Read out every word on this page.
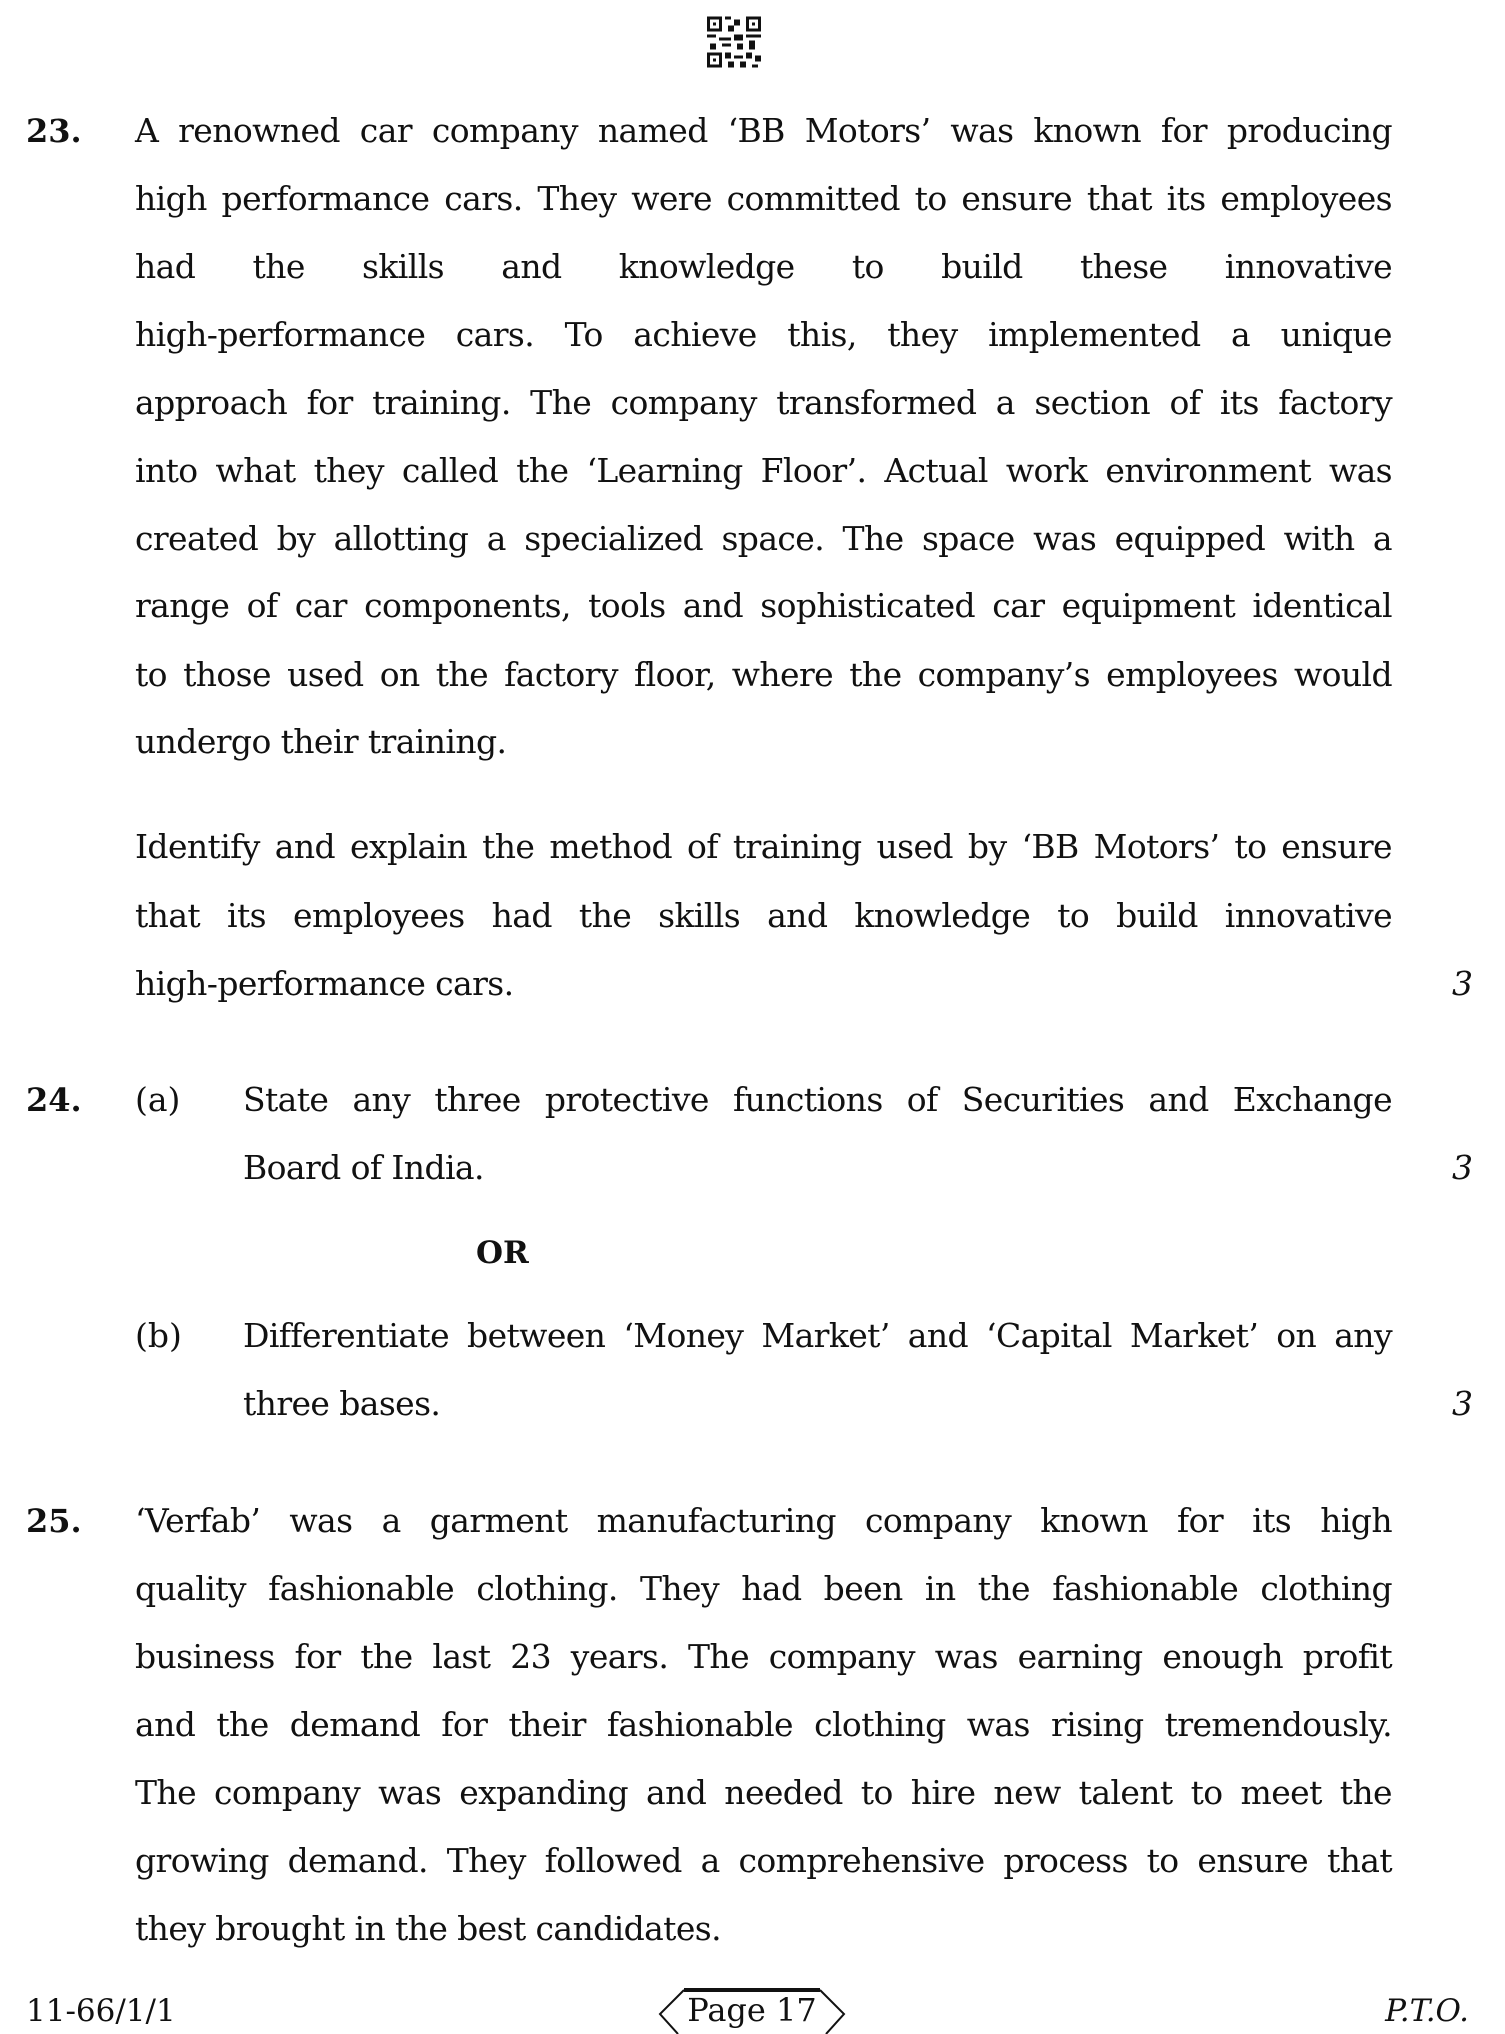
23. A renowned car company named ‘BB Motors’ was known for producing
high performance cars. They were committed to ensure that its employees
had the skills and knowledge to build these innovative
high-performance cars. To achieve this, they implemented a unique
approach for training. The company transformed a section of its factory
into what they called the ‘Learning Floor’. Actual work environment was
created by allotting a specialized space. The space was equipped with a
range of car components, tools and sophisticated car equipment identical
to those used on the factory floor, where the company’s employees would
undergo their training.
Identify and explain the method of training used by ‘BB Motors’ to ensure
that its employees had the skills and knowledge to build innovative
high-performance cars.	3
24. (a) State any three protective functions of Securities and Exchange
Board of India.	3
OR
(b) Differentiate between ‘Money Market’ and ‘Capital Market’ on any
three bases.	3
25. ‘Verfab’ was a garment manufacturing company known for its high
quality fashionable clothing. They had been in the fashionable clothing
business for the last 23 years. The company was earning enough profit
and the demand for their fashionable clothing was rising tremendously.
The company was expanding and needed to hire new talent to meet the
growing demand. They followed a comprehensive process to ensure that
they brought in the best candidates.
11-66/1/1	Page 17	P.T.O.
